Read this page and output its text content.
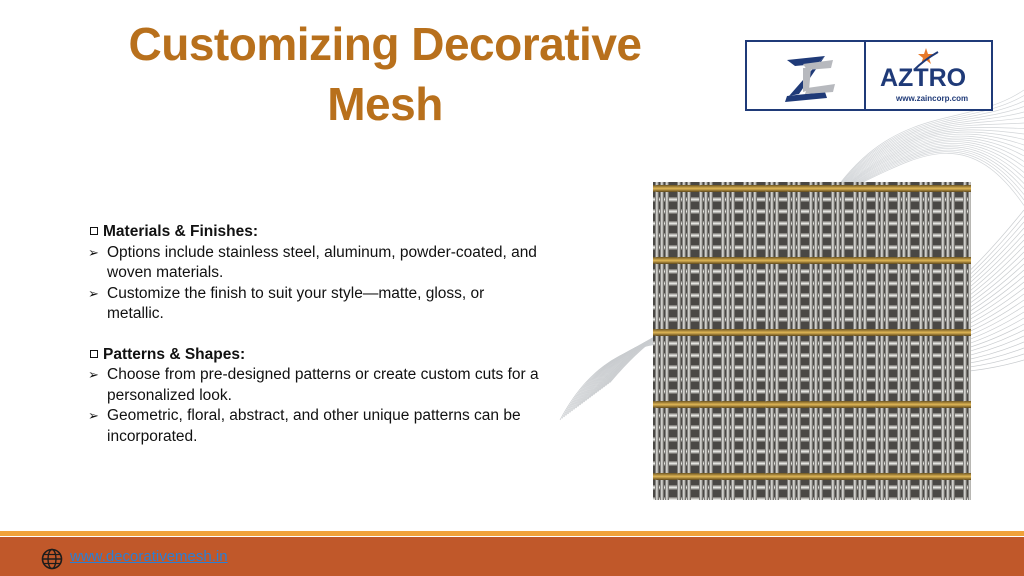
Customizing Decorative
Mesh	AZTRO
www.zaincorp.com
Materials & Finishes:
➢ Options include stainless steel, aluminum, powder-coated, and
woven materials.
➢ Customize the finish to suit your style—matte, gloss, or
metallic.
Patterns & Shapes:
➢ Choose from pre-designed patterns or create custom cuts for a
personalized look.
➢ Geometric, floral, abstract, and other unique patterns can be
incorporated.
www.decorativemesh.in
